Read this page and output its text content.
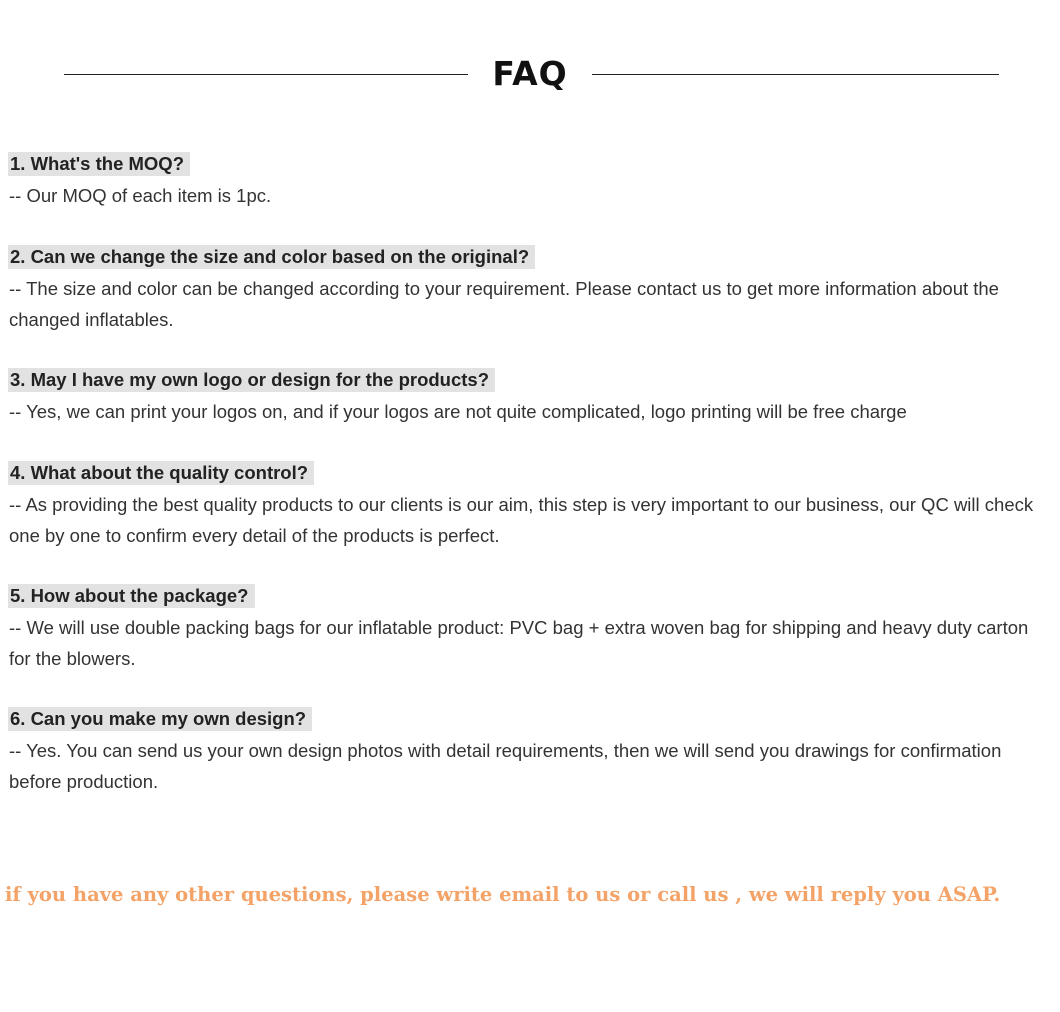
FAQ
1. What's the MOQ?
-- Our MOQ of each item is 1pc.
2. Can we change the size and color based on the original?
-- The size and color can be changed according to your requirement. Please contact us to get more information about the changed inflatables.
3. May I have my own logo or design for the products?
-- Yes, we can print your logos on, and if your logos are not quite complicated, logo printing will be free charge
4. What about the quality control?
-- As providing the best quality products to our clients is our aim, this step is very important to our business, our QC will check one by one to confirm every detail of the products is perfect.
5. How about the package?
-- We will use double packing bags for our inflatable product: PVC bag + extra woven bag for shipping and heavy duty carton for the blowers.
6. Can you make my own design?
-- Yes. You can send us your own design photos with detail requirements, then we will send you drawings for confirmation before production.
if you have any other questions, please write email to us or call us , we will reply you ASAP.
